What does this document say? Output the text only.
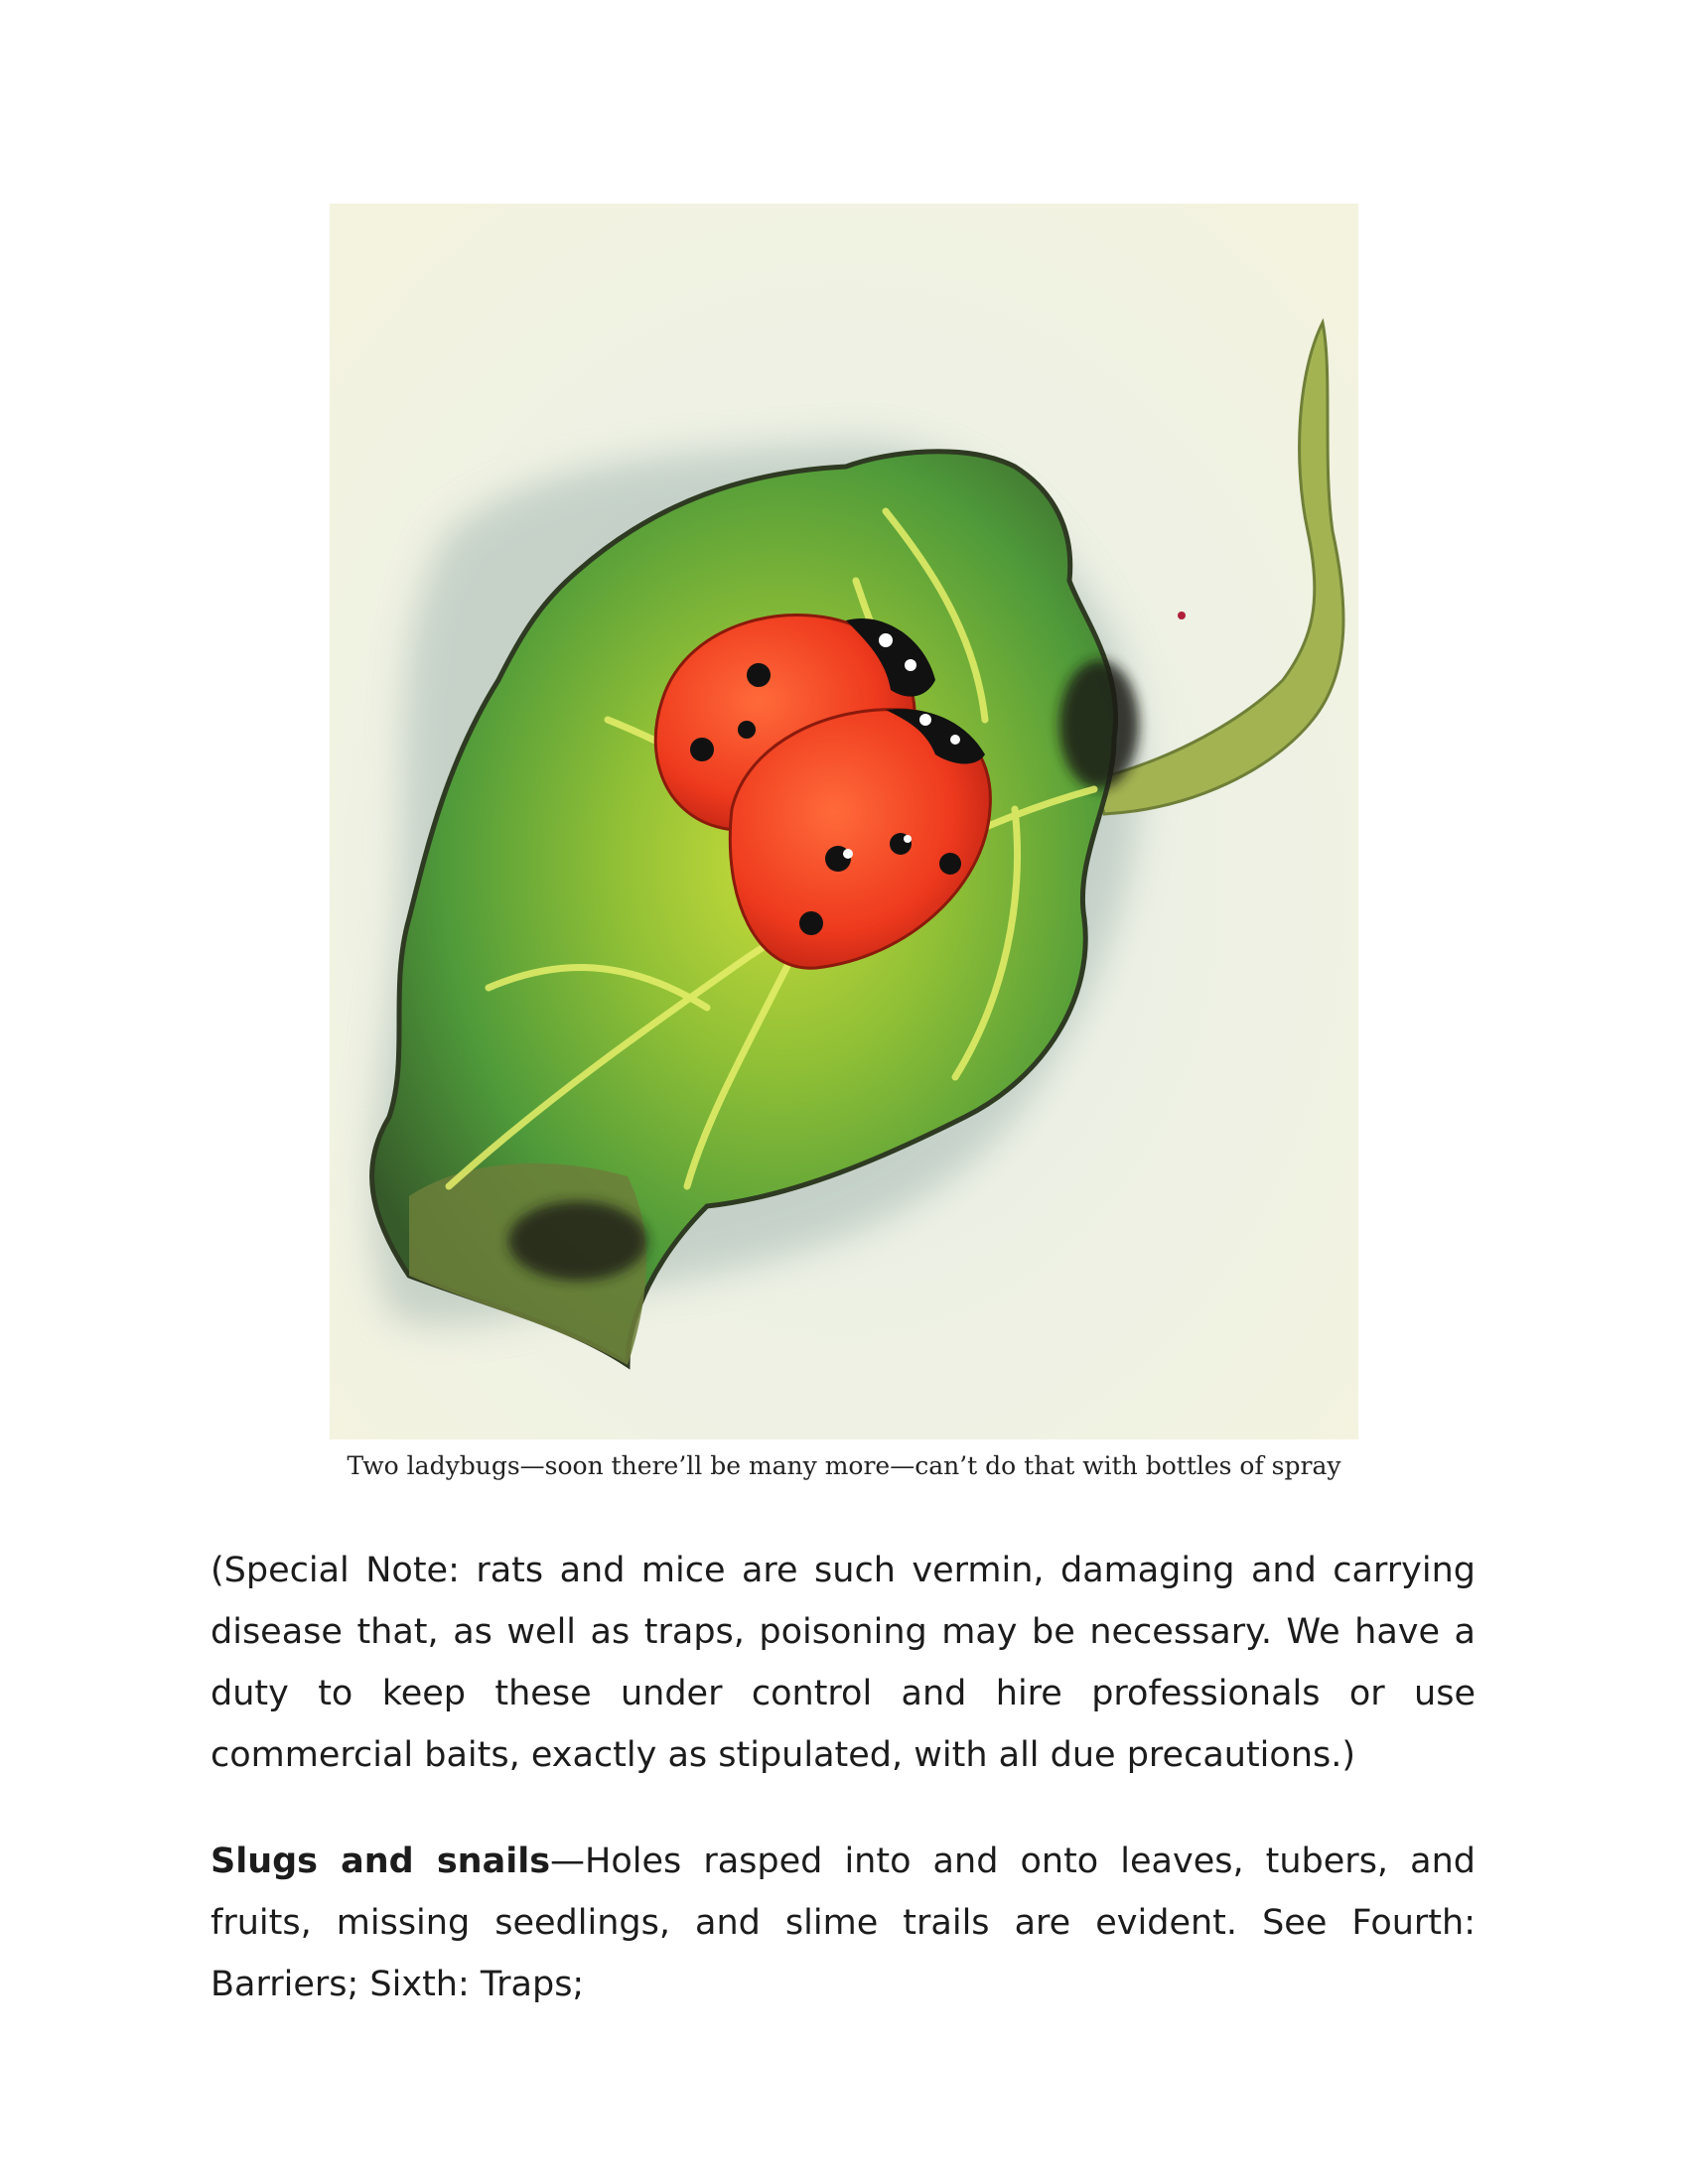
Two ladybugs—soon there’ll be many more—can’t do that with bottles of spray

(Special Note: rats and mice are such vermin, damaging and carrying disease that, as well as traps, poisoning may be necessary. We have a duty to keep these under control and hire professionals or use commercial baits, exactly as stipulated, with all due precautions.)

Slugs and snails—Holes rasped into and onto leaves, tubers, and fruits, missing seedlings, and slime trails are evident. See Fourth: Barriers; Sixth: Traps;
